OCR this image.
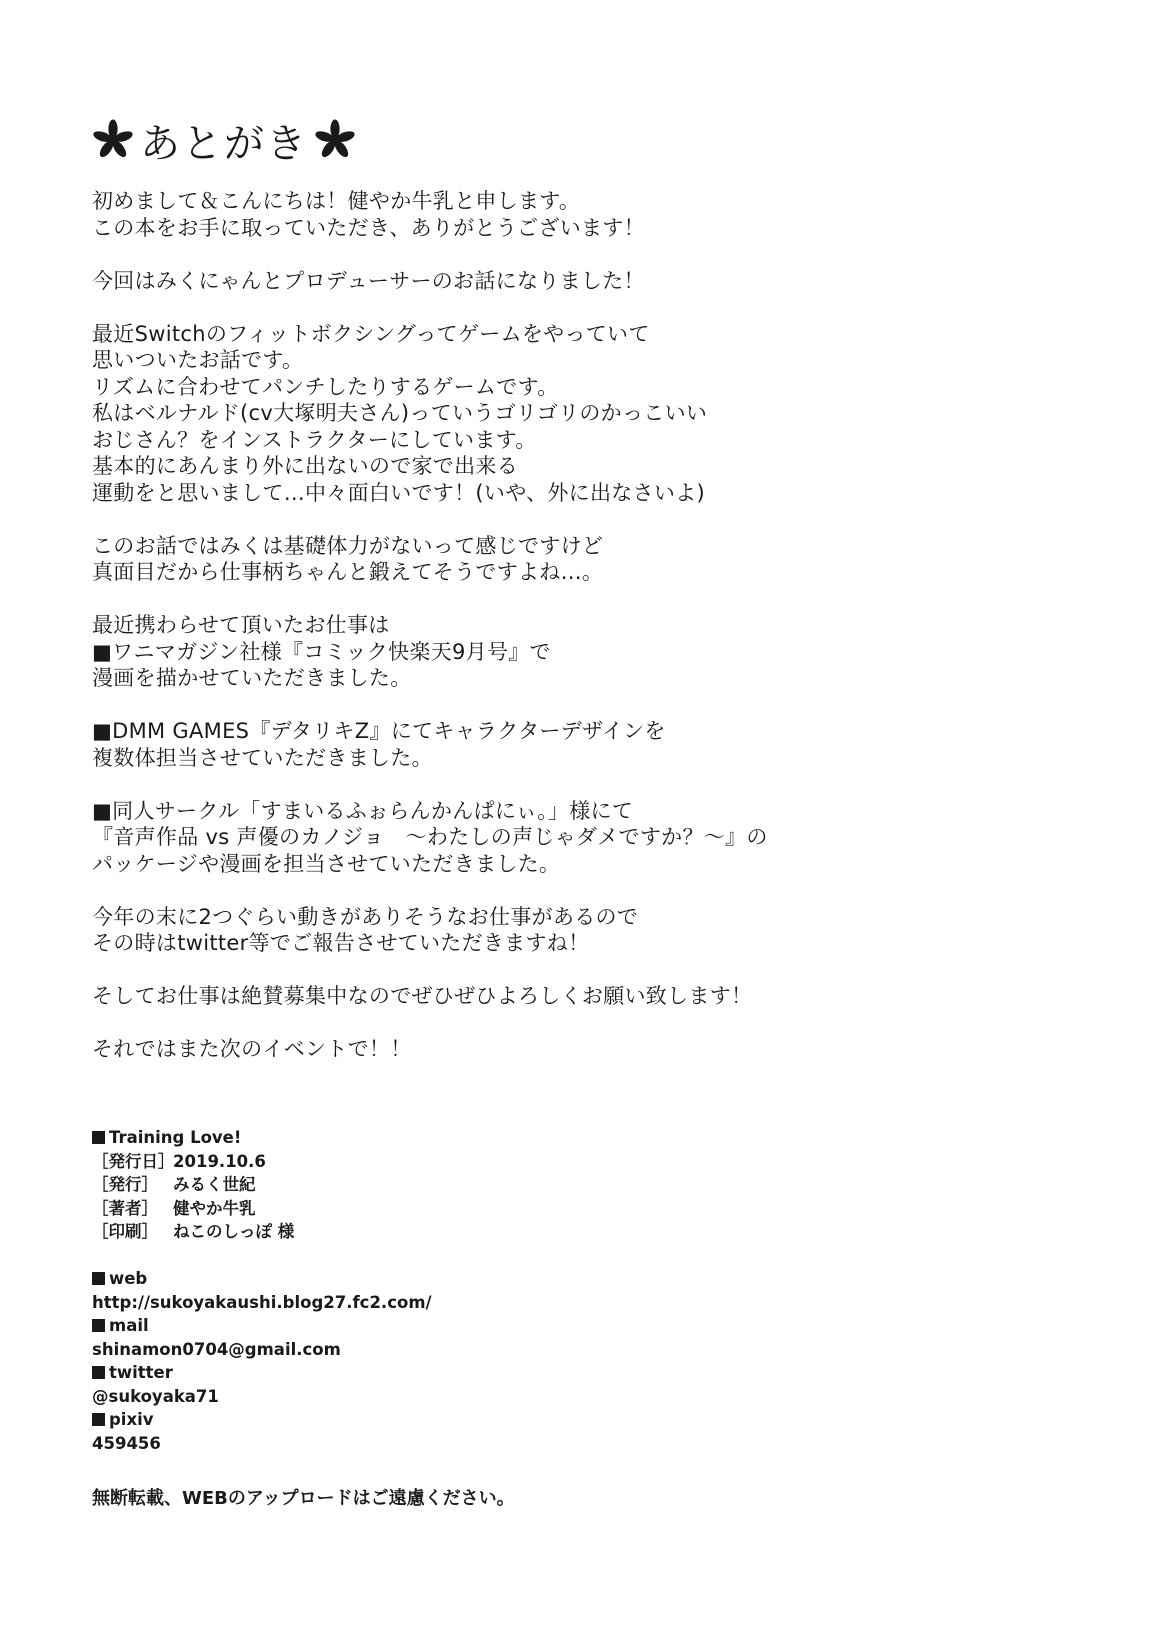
あとがき
初めまして＆こんにちは！健やか牛乳と申します。
この本をお手に取っていただき、ありがとうございます！
今回はみくにゃんとプロデューサーのお話になりました！
最近Switchのフィットボクシングってゲームをやっていて
思いついたお話です。
リズムに合わせてパンチしたりするゲームです。
私はベルナルド(cv大塚明夫さん)っていうゴリゴリのかっこいい
おじさん？をインストラクターにしています。
基本的にあんまり外に出ないので家で出来る
運動をと思いまして…中々面白いです！(いや、外に出なさいよ)
このお話ではみくは基礎体力がないって感じですけど
真面目だから仕事柄ちゃんと鍛えてそうですよね…。
最近携わらせて頂いたお仕事は
■ワニマガジン社様『コミック快楽天9月号』で
漫画を描かせていただきました。
■DMM GAMES『デタリキZ』にてキャラクターデザインを
複数体担当させていただきました。
■同人サークル「すまいるふぉらんかんぱにぃ。」様にて
『音声作品 vs 声優のカノジョ　～わたしの声じゃダメですか？～』の
パッケージや漫画を担当させていただきました。
今年の末に2つぐらい動きがありそうなお仕事があるので
その時はtwitter等でご報告させていただきますね！
そしてお仕事は絶賛募集中なのでぜひぜひよろしくお願い致します！
それではまた次のイベントで！！
Training Love!
［発行日］2019.10.6
［発行］ みるく世紀
［著者］ 健やか牛乳
［印刷］ ねこのしっぽ 様
web
http://sukoyakaushi.blog27.fc2.com/
mail
shinamon0704@gmail.com
twitter
@sukoyaka71
pixiv
459456
無断転載、WEBのアップロードはご遠慮ください。
